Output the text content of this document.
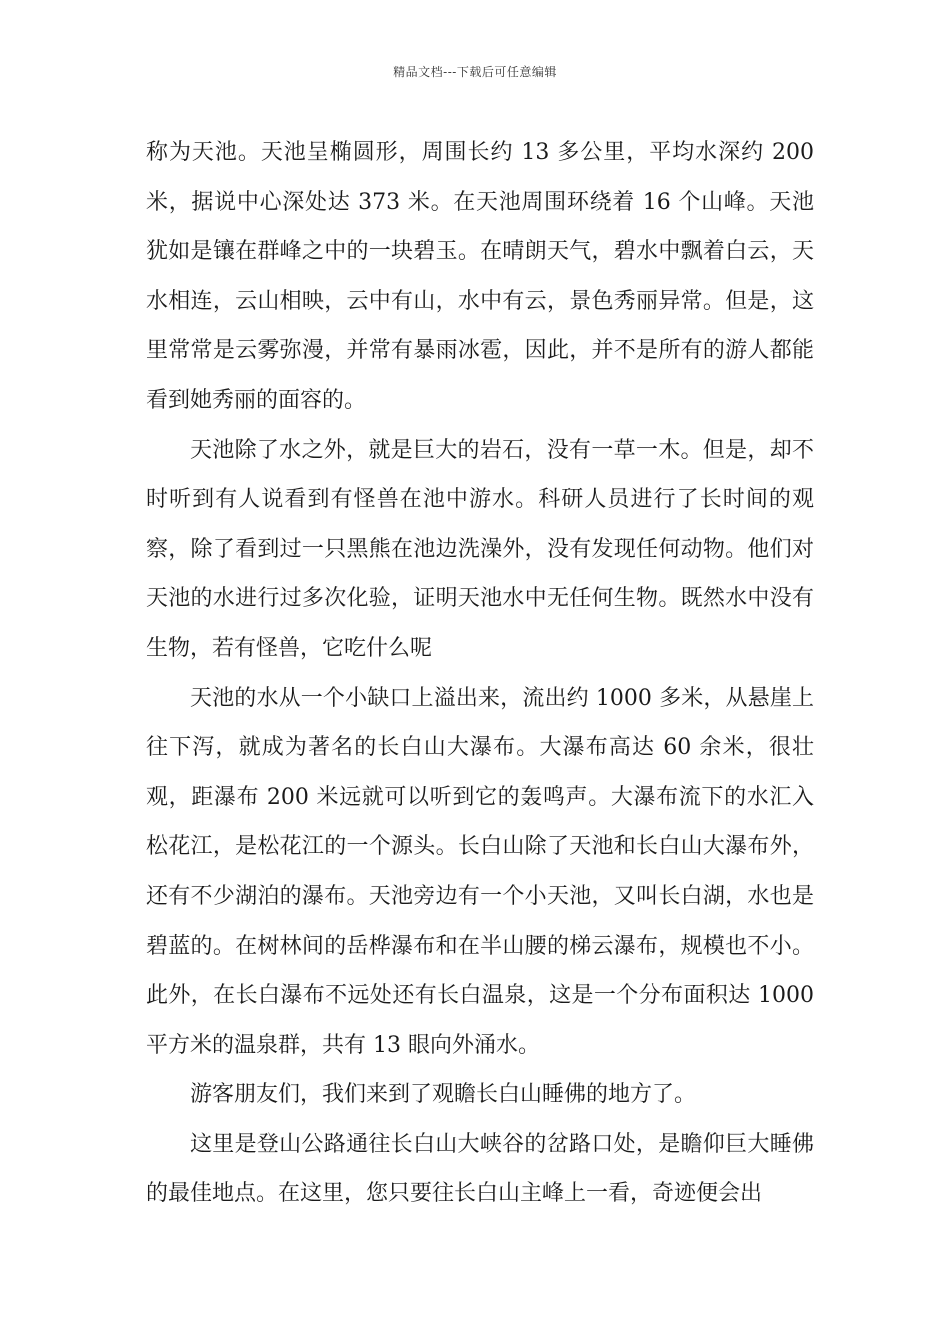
精品文档---下载后可任意编辑

称为天池。天池呈椭圆形，周围长约 13 多公里，平均水深约 200 米，据说中心深处达 373 米。在天池周围环绕着 16 个山峰。天池犹如是镶在群峰之中的一块碧玉。在晴朗天气，碧水中飘着白云，天水相连，云山相映，云中有山，水中有云，景色秀丽异常。但是，这里常常是云雾弥漫，并常有暴雨冰雹，因此，并不是所有的游人都能看到她秀丽的面容的。

天池除了水之外，就是巨大的岩石，没有一草一木。但是，却不时听到有人说看到有怪兽在池中游水。科研人员进行了长时间的观察，除了看到过一只黑熊在池边洗澡外，没有发现任何动物。他们对天池的水进行过多次化验，证明天池水中无任何生物。既然水中没有生物，若有怪兽，它吃什么呢

天池的水从一个小缺口上溢出来，流出约 1000 多米，从悬崖上往下泻，就成为著名的长白山大瀑布。大瀑布高达 60 余米，很壮观，距瀑布 200 米远就可以听到它的轰鸣声。大瀑布流下的水汇入松花江，是松花江的一个源头。长白山除了天池和长白山大瀑布外，还有不少湖泊的瀑布。天池旁边有一个小天池，又叫长白湖，水也是碧蓝的。在树林间的岳桦瀑布和在半山腰的梯云瀑布，规模也不小。此外，在长白瀑布不远处还有长白温泉，这是一个分布面积达 1000 平方米的温泉群，共有 13 眼向外涌水。

游客朋友们，我们来到了观瞻长白山睡佛的地方了。

这里是登山公路通往长白山大峡谷的岔路口处，是瞻仰巨大睡佛的最佳地点。在这里，您只要往长白山主峰上一看，奇迹便会出
